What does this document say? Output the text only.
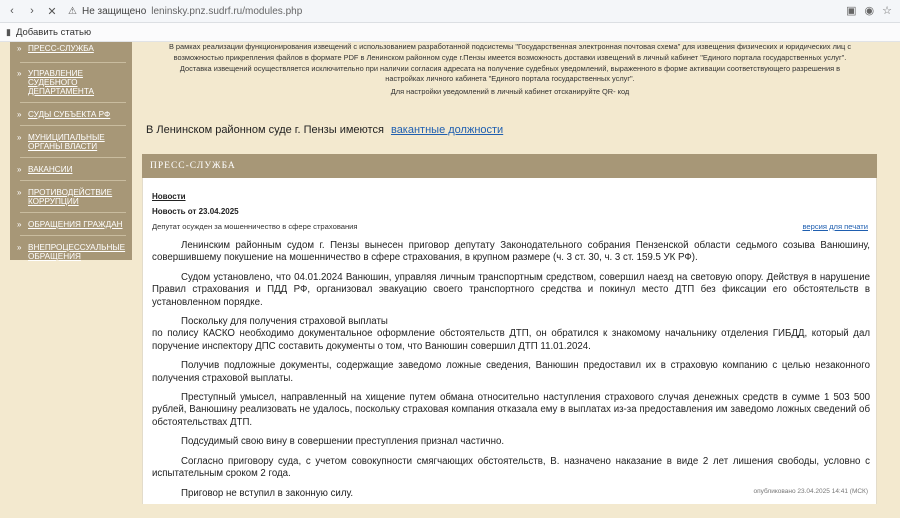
‹	›	✕	⚠ Не защищено leninsky.pnz.sudrf.ru/modules.php	▣ ◉ ☆
▮ Добавить статью
» ПРЕСС-СЛУЖБА
» УПРАВЛЕНИЕ СУДЕБНОГО ДЕПАРТАМЕНТА
» СУДЫ СУБЪЕКТА РФ
» МУНИЦИПАЛЬНЫЕ ОРГАНЫ ВЛАСТИ
» ВАКАНСИИ
» ПРОТИВОДЕЙСТВИЕ КОРРУПЦИИ
» ОБРАЩЕНИЯ ГРАЖДАН
» ВНЕПРОЦЕССУАЛЬНЫЕ ОБРАЩЕНИЯ

В рамках реализации функционирования извещений с использованием разработанной подсистемы "Государственная электронная почтовая схема" для извещения физических и юридических лиц с

возможностью прикрепления файлов в формате PDF в Ленинском районном суде г.Пензы имеется возможность доставки извещений в личный кабинет "Единого портала государственных услуг".

Доставка извещений осуществляется исключительно при наличии согласия адресата на получение судебных уведомлений, выраженного в форме активации соответствующего разрешения в

настройках личного кабинета "Единого портала государственных услуг".

Для настройки уведомлений в личный кабинет отсканируйте QR- код

В Ленинском районном суде г. Пензы имеются вакантные должности
ПРЕСС-СЛУЖБА
Новости
Новость от 23.04.2025
Депутат осужден за мошенничество в сфере страхования	версия для печати

Ленинским районным судом г. Пензы вынесен приговор депутату Законодательного собрания Пензенской области седьмого созыва Ванюшину, совершившему покушение на мошенничество в сфере страхования, в крупном размере (ч. 3 ст. 30, ч. 3 ст. 159.5 УК РФ).

Судом установлено, что 04.01.2024 Ванюшин, управляя личным транспортным средством, совершил наезд на световую опору. Действуя в нарушение Правил страхования и ПДД РФ, организовал эвакуацию своего транспортного средства и покинул место ДТП без фиксации его обстоятельств в установленном порядке.

Поскольку для получения страховой выплаты

по полису КАСКО необходимо документальное оформление обстоятельств ДТП, он обратился к знакомому начальнику отделения ГИБДД, который дал поручение инспектору ДПС составить документы о том, что Ванюшин совершил ДТП 11.01.2024.

Получив подложные документы, содержащие заведомо ложные сведения, Ванюшин предоставил их в страховую компанию с целью незаконного получения страховой выплаты.

Преступный умысел, направленный на хищение путем обмана относительно наступления страхового случая денежных средств в сумме 1 503 500 рублей, Ванюшину реализовать не удалось, поскольку страховая компания отказала ему в выплатах из-за предоставления им заведомо ложных сведений об обстоятельствах ДТП.

Подсудимый свою вину в совершении преступления признал частично.

Согласно приговору суда, с учетом совокупности смягчающих обстоятельств, В. назначено наказание в виде 2 лет лишения свободы, условно с испытательным сроком 2 года.

Приговор не вступил в законную силу.	опубликовано 23.04.2025 14:41 (МСК)
